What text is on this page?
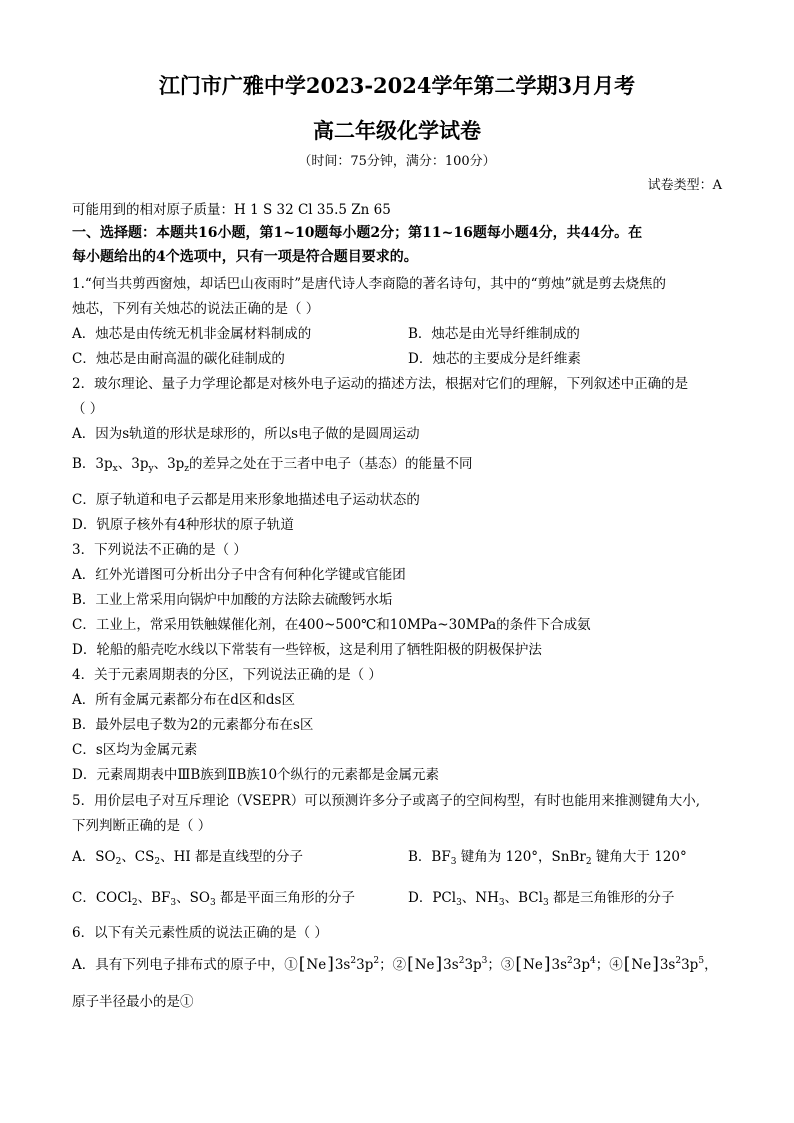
江门市广雅中学2023-2024学年第二学期3月月考
高二年级化学试卷
（时间：75分钟，满分：100分）
试卷类型：A
可能用到的相对原子质量：H 1 S 32 Cl 35.5 Zn 65
一、选择题：本题共16小题，第1~10题每小题2分；第11~16题每小题4分，共44分。在
每小题给出的4个选项中，只有一项是符合题目要求的。
1.“何当共剪西窗烛，却话巴山夜雨时”是唐代诗人李商隐的著名诗句，其中的“剪烛”就是剪去烧焦的
烛芯，下列有关烛芯的说法正确的是（ ）
A．烛芯是由传统无机非金属材料制成的	B．烛芯是由光导纤维制成的
C．烛芯是由耐高温的碳化硅制成的	D．烛芯的主要成分是纤维素
2．玻尔理论、量子力学理论都是对核外电子运动的描述方法，根据对它们的理解，下列叙述中正确的是
（ ）
A．因为s轨道的形状是球形的，所以s电子做的是圆周运动
B．$3p_x$、$3p_y$、$3p_z$的差异之处在于三者中电子（基态）的能量不同
C．原子轨道和电子云都是用来形象地描述电子运动状态的
D．钒原子核外有4种形状的原子轨道
3．下列说法不正确的是（ ）
A．红外光谱图可分析出分子中含有何种化学键或官能团
B．工业上常采用向锅炉中加酸的方法除去硫酸钙水垢
C．工业上，常采用铁触媒催化剂，在400~500℃和10MPa~30MPa的条件下合成氨
D．轮船的船壳吃水线以下常装有一些锌板，这是利用了牺牲阳极的阴极保护法
4．关于元素周期表的分区，下列说法正确的是（ ）
A．所有金属元素都分布在d区和ds区
B．最外层电子数为2的元素都分布在s区
C．s区均为金属元素
D．元素周期表中ⅢB族到ⅡB族10个纵行的元素都是金属元素
5．用价层电子对互斥理论（VSEPR）可以预测许多分子或离子的空间构型，有时也能用来推测键角大小,
下列判断正确的是（ ）
A．$SO_2$、$CS_2$、HI 都是直线型的分子	B．$BF_3$ 键角为 120°，SnBr$_2$ 键角大于 120°
C．COCl$_2$、$BF_3$、$SO_3$ 都是平面三角形的分子	D．PCl$_3$、$NH_3$、BCl$_3$ 都是三角锥形的分子
6．以下有关元素性质的说法正确的是（ ）
A．具有下列电子排布式的原子中，$①[Ne]3s^23p^2$；$②[Ne]3s^23p^3$；$③[Ne]3s^23p^4$；$④[Ne]3s^23p^5$，
原子半径最小的是①
